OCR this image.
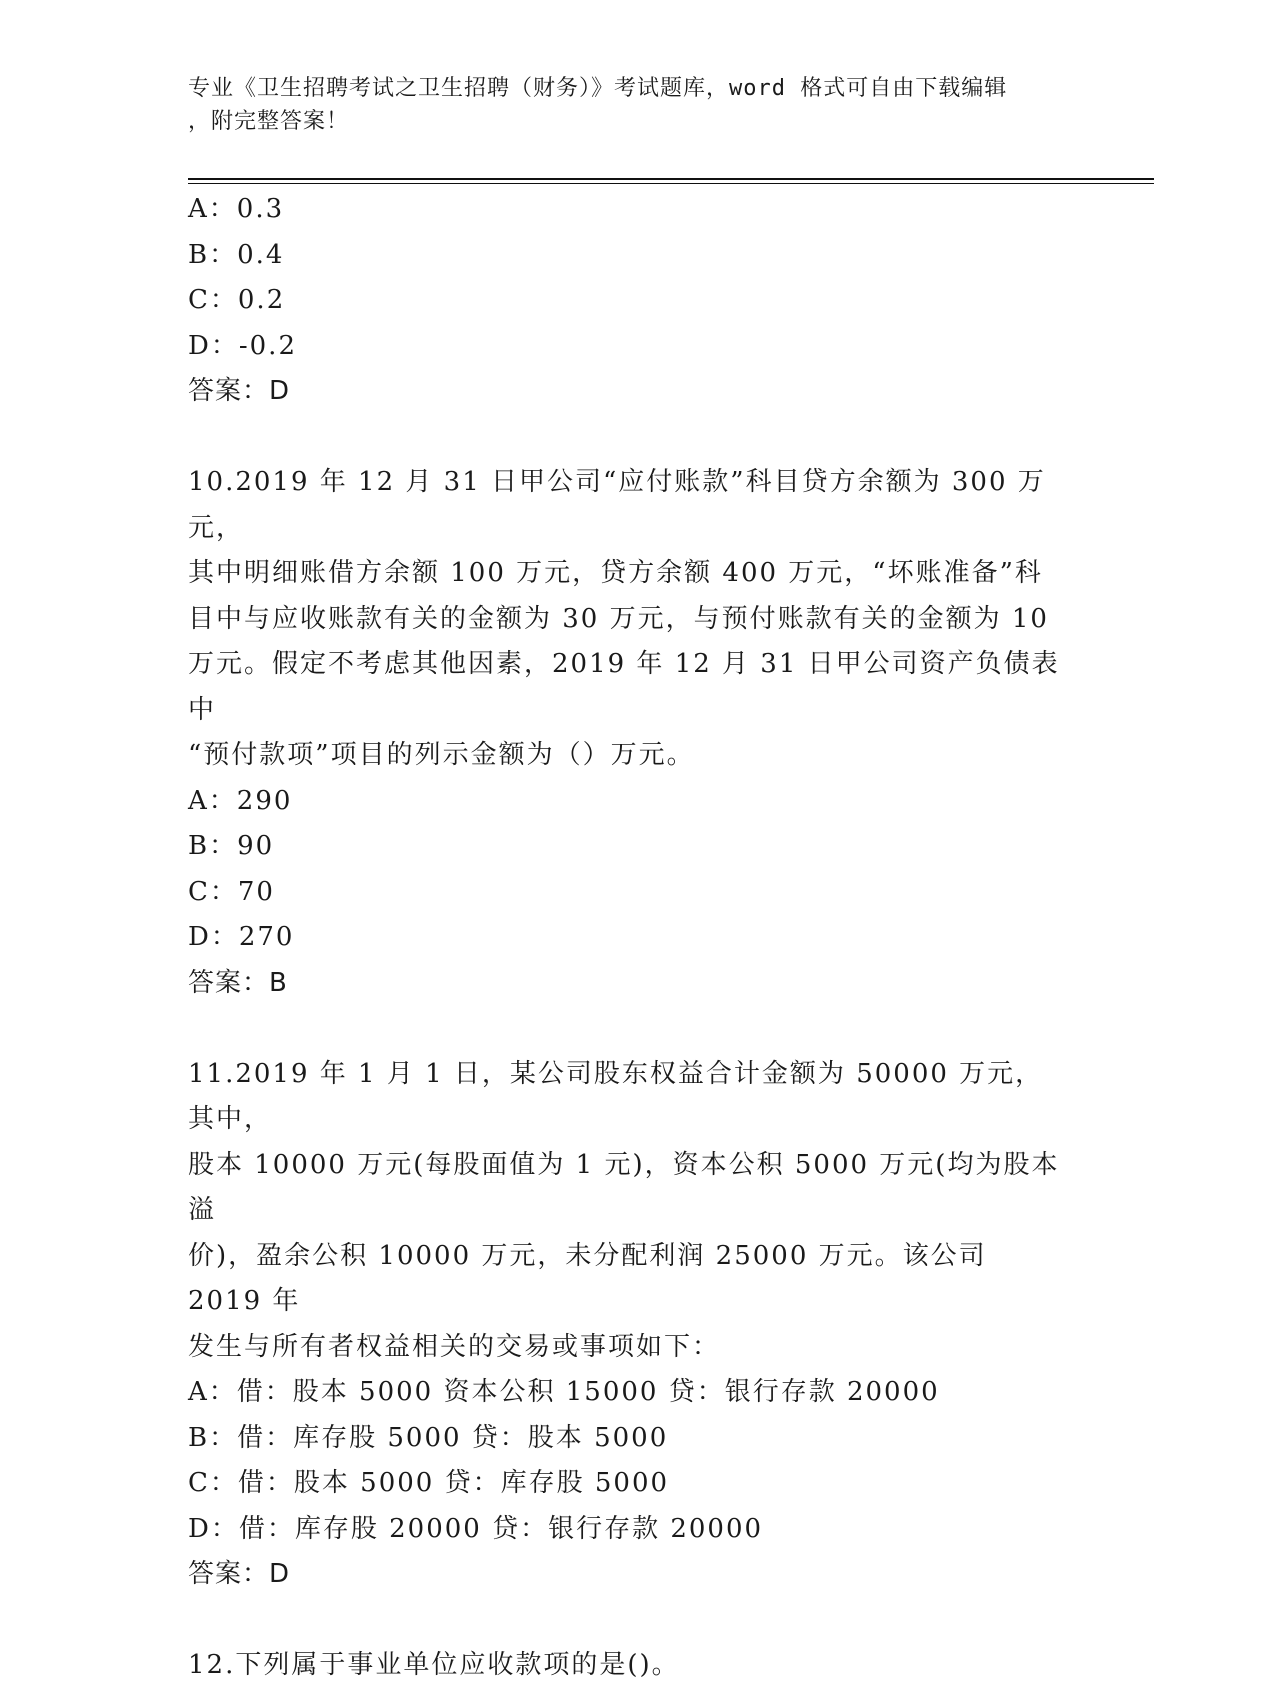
专业《卫生招聘考试之卫生招聘（财务）》考试题库，word 格式可自由下载编辑
，附完整答案！
A：0.3
B：0.4
C：0.2
D：-0.2
答案：D
10.2019 年 12 月 31 日甲公司“应付账款”科目贷方余额为 300 万元，
其中明细账借方余额 100 万元，贷方余额 400 万元，“坏账准备”科
目中与应收账款有关的金额为 30 万元，与预付账款有关的金额为 10
万元。假定不考虑其他因素，2019 年 12 月 31 日甲公司资产负债表中
“预付款项”项目的列示金额为（）万元。
A：290
B：90
C：70
D：270
答案：B
11.2019 年 1 月 1 日，某公司股东权益合计金额为 50000 万元，其中，
股本 10000 万元(每股面值为 1 元)，资本公积 5000 万元(均为股本溢
价)，盈余公积 10000 万元，未分配利润 25000 万元。该公司 2019 年
发生与所有者权益相关的交易或事项如下：
A：借：股本 5000 资本公积 15000 贷：银行存款 20000
B：借：库存股 5000 贷：股本 5000
C：借：股本 5000 贷：库存股 5000
D：借：库存股 20000 贷：银行存款 20000
答案：D
12.下列属于事业单位应收款项的是()。
